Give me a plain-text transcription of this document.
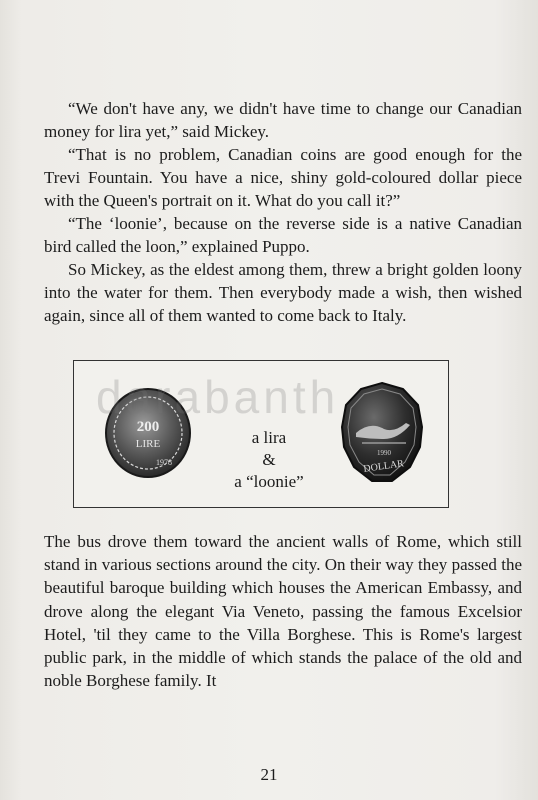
“We don't have any, we didn't have time to change our Canadian money for lira yet,” said Mickey.

“That is no problem, Canadian coins are good enough for the Trevi Fountain. You have a nice, shiny gold-coloured dollar piece with the Queen's portrait on it. What do you call it?”

“The ‘loonie’, because on the reverse side is a native Canadian bird called the loon,” explained Puppo.

So Mickey, as the eldest among them, threw a bright golden loony into the water for them. Then everybody made a wish, then wished again, since all of them wanted to come back to Italy.

200
LIRE
1978
a lira
&
a “loonie”
1990
DOLLAR
darabanth

The bus drove them toward the ancient walls of Rome, which still stand in various sections around the city. On their way they passed the beautiful baroque building which houses the American Embassy, and drove along the elegant Via Veneto, passing the famous Excelsior Hotel, 'til they came to the Villa Borghese. This is Rome's largest public park, in the middle of which stands the palace of the old and noble Borghese family. It

21
